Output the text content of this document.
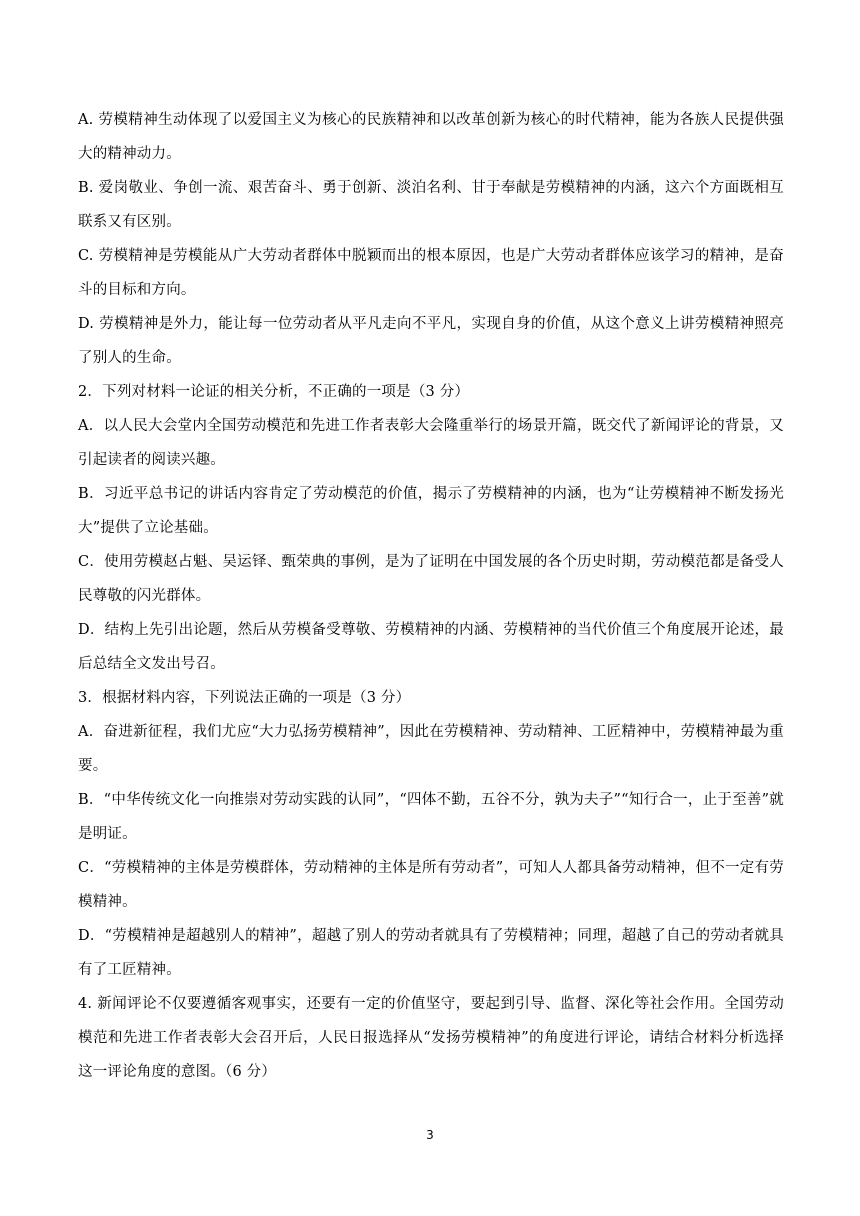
A. 劳模精神生动体现了以爱国主义为核心的民族精神和以改革创新为核心的时代精神，能为各族人民提供强大的精神动力。

B. 爱岗敬业、争创一流、艰苦奋斗、勇于创新、淡泊名利、甘于奉献是劳模精神的内涵，这六个方面既相互联系又有区别。

C. 劳模精神是劳模能从广大劳动者群体中脱颖而出的根本原因，也是广大劳动者群体应该学习的精神，是奋斗的目标和方向。

D. 劳模精神是外力，能让每一位劳动者从平凡走向不平凡，实现自身的价值，从这个意义上讲劳模精神照亮了别人的生命。

2．下列对材料一论证的相关分析，不正确的一项是（3 分）

A．以人民大会堂内全国劳动模范和先进工作者表彰大会隆重举行的场景开篇，既交代了新闻评论的背景，又引起读者的阅读兴趣。

B．习近平总书记的讲话内容肯定了劳动模范的价值，揭示了劳模精神的内涵，也为“让劳模精神不断发扬光大”提供了立论基础。

C．使用劳模赵占魁、吴运铎、甄荣典的事例，是为了证明在中国发展的各个历史时期，劳动模范都是备受人民尊敬的闪光群体。

D．结构上先引出论题，然后从劳模备受尊敬、劳模精神的内涵、劳模精神的当代价值三个角度展开论述，最后总结全文发出号召。

3．根据材料内容，下列说法正确的一项是（3 分）

A．奋进新征程，我们尤应“大力弘扬劳模精神”，因此在劳模精神、劳动精神、工匠精神中，劳模精神最为重要。

B．“中华传统文化一向推崇对劳动实践的认同”，“四体不勤，五谷不分，孰为夫子”“知行合一，止于至善”就是明证。

C．“劳模精神的主体是劳模群体，劳动精神的主体是所有劳动者”，可知人人都具备劳动精神，但不一定有劳模精神。

D．“劳模精神是超越别人的精神”，超越了别人的劳动者就具有了劳模精神；同理，超越了自己的劳动者就具有了工匠精神。

4. 新闻评论不仅要遵循客观事实，还要有一定的价值坚守，要起到引导、监督、深化等社会作用。全国劳动模范和先进工作者表彰大会召开后，人民日报选择从“发扬劳模精神”的角度进行评论，请结合材料分析选择这一评论角度的意图。（6 分）

3
